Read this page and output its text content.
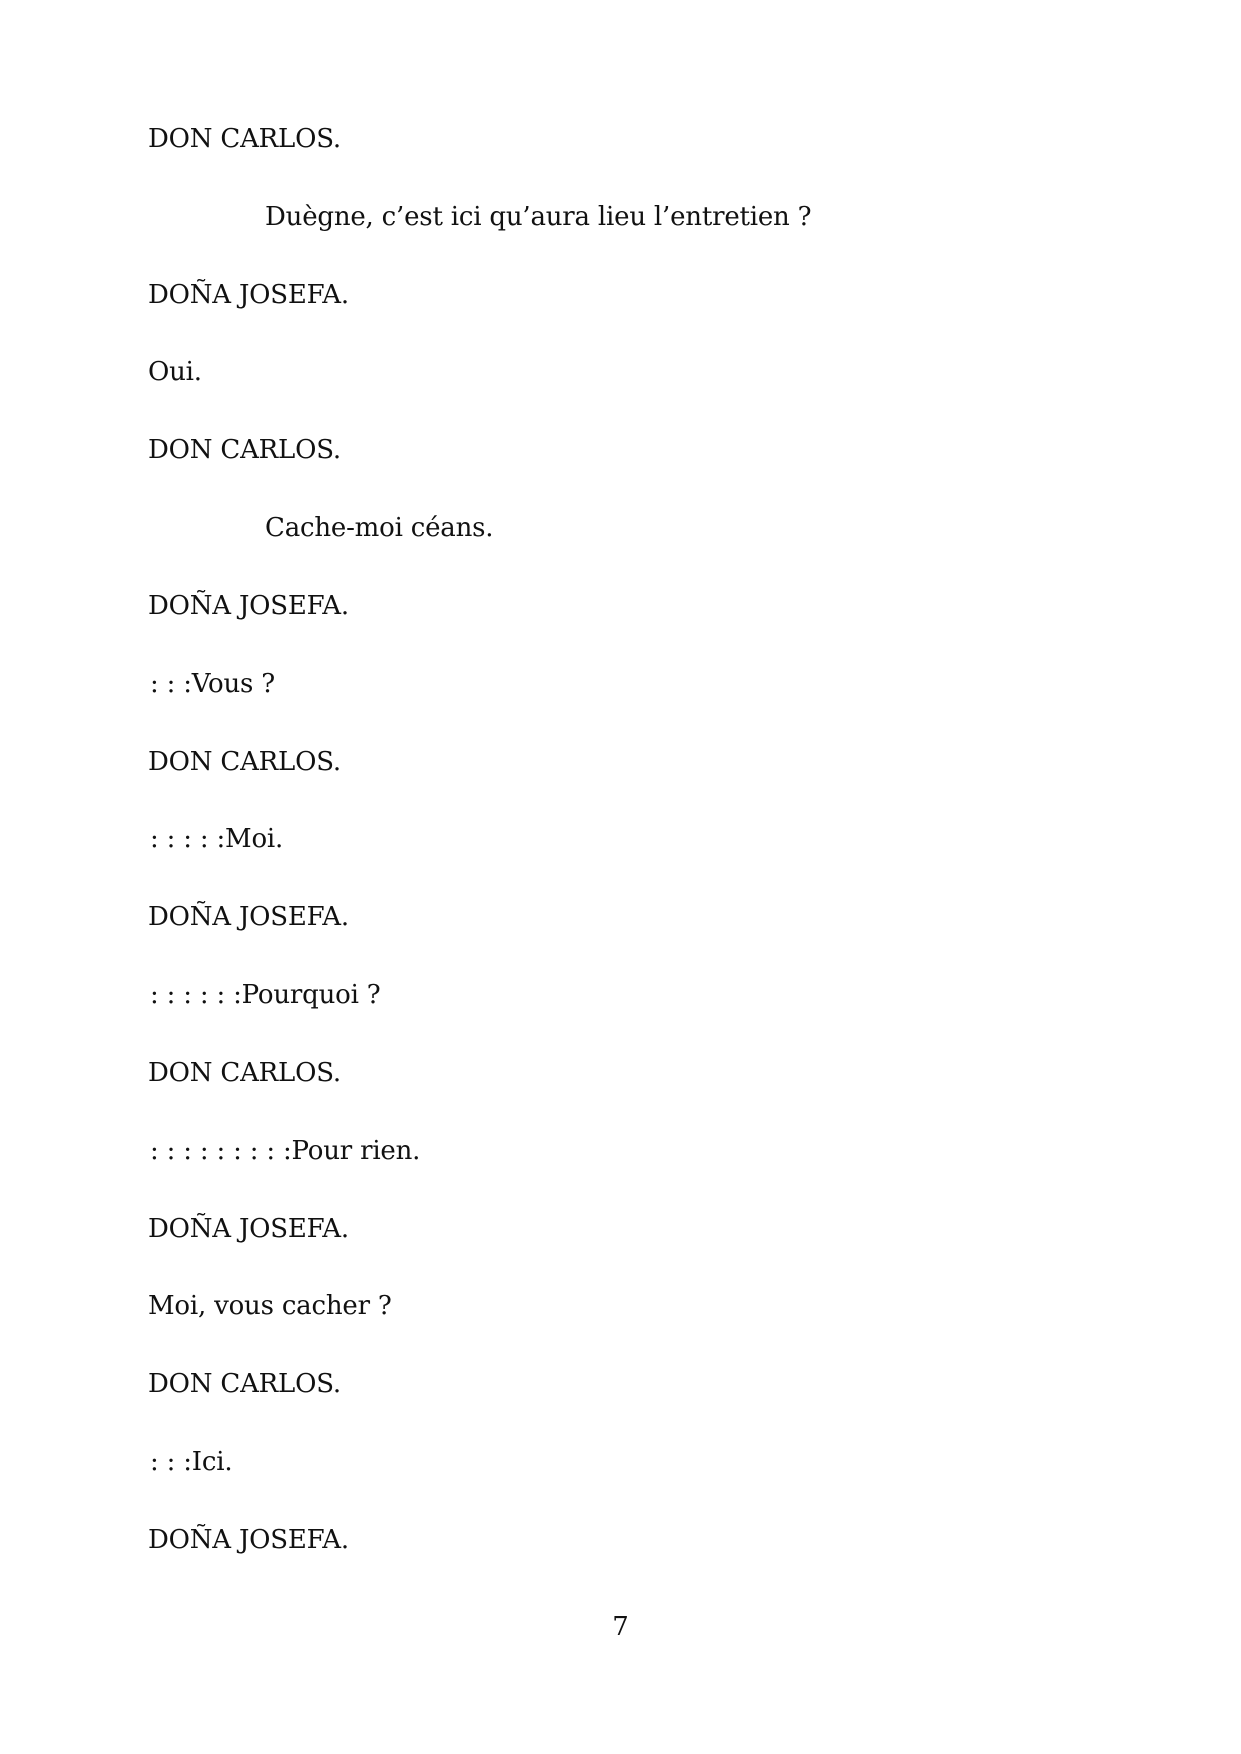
DON CARLOS.
Duègne, c’est ici qu’aura lieu l’entretien ?
DOÑA JOSEFA.
Oui.
DON CARLOS.
Cache-moi céans.
DOÑA JOSEFA.
: : :Vous ?
DON CARLOS.
: : : : :Moi.
DOÑA JOSEFA.
: : : : : :Pourquoi ?
DON CARLOS.
: : : : : : : : :Pour rien.
DOÑA JOSEFA.
Moi, vous cacher ?
DON CARLOS.
: : :Ici.
DOÑA JOSEFA.
7
